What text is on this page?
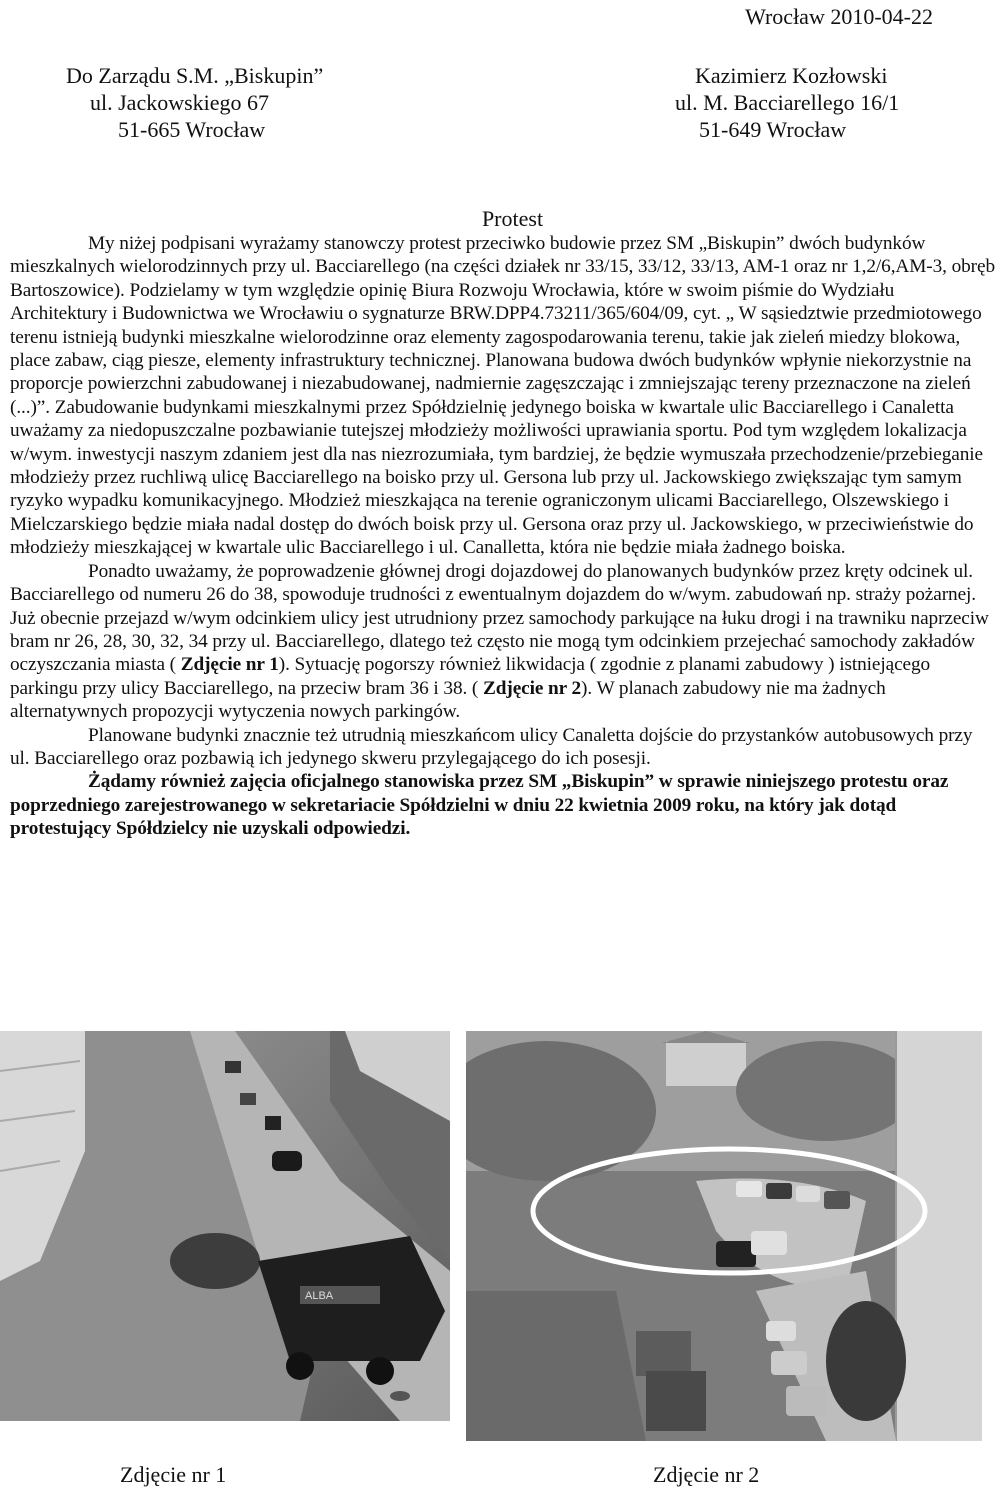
Wrocław 2010-04-22
Do Zarządu S.M. „Biskupin”
ul. Jackowskiego 67
51-665 Wrocław
Kazimierz Kozłowski
ul. M. Bacciarellego 16/1
51-649 Wrocław
Protest

My niżej podpisani wyrażamy stanowczy protest przeciwko budowie przez SM „Biskupin” dwóch budynków mieszkalnych wielorodzinnych przy ul. Bacciarellego (na części działek nr 33/15, 33/12, 33/13, AM-1 oraz nr 1,2/6,AM-3, obręb Bartoszowice). Podzielamy w tym względzie opinię Biura Rozwoju Wrocławia, które w swoim piśmie do Wydziału Architektury i Budownictwa we Wrocławiu o sygnaturze BRW.DPP4.73211/365/604/09, cyt. „ W sąsiedztwie przedmiotowego terenu istnieją budynki mieszkalne wielorodzinne oraz elementy zagospodarowania terenu, takie jak zieleń miedzy blokowa, place zabaw, ciąg piesze, elementy infrastruktury technicznej. Planowana budowa dwóch budynków wpłynie niekorzystnie na proporcje powierzchni zabudowanej i niezabudowanej, nadmiernie zagęszczając i zmniejszając tereny przeznaczone na zieleń (...)”. Zabudowanie budynkami mieszkalnymi przez Spółdzielnię jedynego boiska w kwartale ulic Bacciarellego i Canaletta uważamy za niedopuszczalne pozbawianie tutejszej młodzieży możliwości uprawiania sportu. Pod tym względem lokalizacja w/wym. inwestycji naszym zdaniem jest dla nas niezrozumiała, tym bardziej, że będzie wymuszała przechodzenie/przebieganie młodzieży przez ruchliwą ulicę Bacciarellego na boisko przy ul. Gersona lub przy ul. Jackowskiego zwiększając tym samym ryzyko wypadku komunikacyjnego. Młodzież mieszkająca na terenie ograniczonym ulicami Bacciarellego, Olszewskiego i Mielczarskiego będzie miała nadal dostęp do dwóch boisk przy ul. Gersona oraz przy ul. Jackowskiego, w przeciwieństwie do młodzieży mieszkającej w kwartale ulic Bacciarellego i ul. Canalletta, która nie będzie miała żadnego boiska.

Ponadto uważamy, że poprowadzenie głównej drogi dojazdowej do planowanych budynków przez kręty odcinek ul. Bacciarellego od numeru 26 do 38, spowoduje trudności z ewentualnym dojazdem do w/wym. zabudowań np. straży pożarnej. Już obecnie przejazd w/wym odcinkiem ulicy jest utrudniony przez samochody parkujące na łuku drogi i na trawniku naprzeciw bram nr 26, 28, 30, 32, 34 przy ul. Bacciarellego, dlatego też często nie mogą tym odcinkiem przejechać samochody zakładów oczyszczania miasta ( Zdjęcie nr 1). Sytuację pogorszy również likwidacja ( zgodnie z planami zabudowy ) istniejącego parkingu przy ulicy Bacciarellego, na przeciw bram 36 i 38. ( Zdjęcie nr 2). W planach zabudowy nie ma żadnych alternatywnych propozycji wytyczenia nowych parkingów.

Planowane budynki znacznie też utrudnią mieszkańcom ulicy Canaletta dojście do przystanków autobusowych przy ul. Bacciarellego oraz pozbawią ich jedynego skweru przylegającego do ich posesji.

Żądamy również zajęcia oficjalnego stanowiska przez SM „Biskupin” w sprawie niniejszego protestu oraz poprzedniego zarejestrowanego w sekretariacie Spółdzielni w dniu 22 kwietnia 2009 roku, na który jak dotąd protestujący Spółdzielcy nie uzyskali odpowiedzi.

ALBA
Zdjęcie nr 1	Zdjęcie nr 2
